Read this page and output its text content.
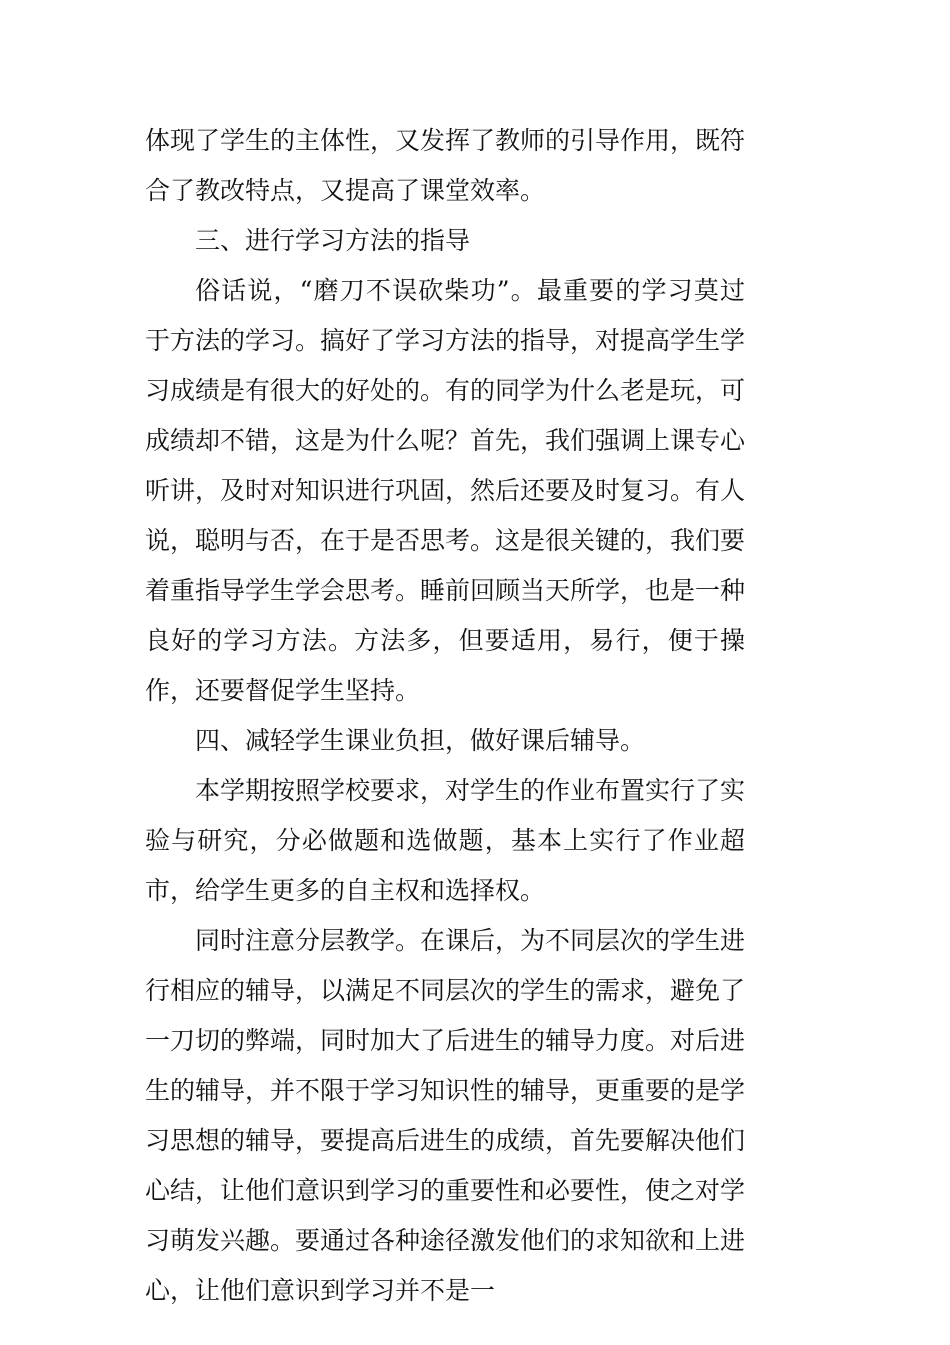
体现了学生的主体性，又发挥了教师的引导作用，既符合了教改特点，又提高了课堂效率。

三、进行学习方法的指导

俗话说，“磨刀不误砍柴功”。最重要的学习莫过于方法的学习。搞好了学习方法的指导，对提高学生学习成绩是有很大的好处的。有的同学为什么老是玩，可成绩却不错，这是为什么呢？首先，我们强调上课专心听讲，及时对知识进行巩固，然后还要及时复习。有人说，聪明与否，在于是否思考。这是很关键的，我们要着重指导学生学会思考。睡前回顾当天所学，也是一种良好的学习方法。方法多，但要适用，易行，便于操作，还要督促学生坚持。

四、减轻学生课业负担，做好课后辅导。

本学期按照学校要求，对学生的作业布置实行了实验与研究，分必做题和选做题，基本上实行了作业超市，给学生更多的自主权和选择权。

同时注意分层教学。在课后，为不同层次的学生进行相应的辅导，以满足不同层次的学生的需求，避免了一刀切的弊端，同时加大了后进生的辅导力度。对后进生的辅导，并不限于学习知识性的辅导，更重要的是学习思想的辅导，要提高后进生的成绩，首先要解决他们心结，让他们意识到学习的重要性和必要性，使之对学习萌发兴趣。要通过各种途径激发他们的求知欲和上进心，让他们意识到学习并不是一
